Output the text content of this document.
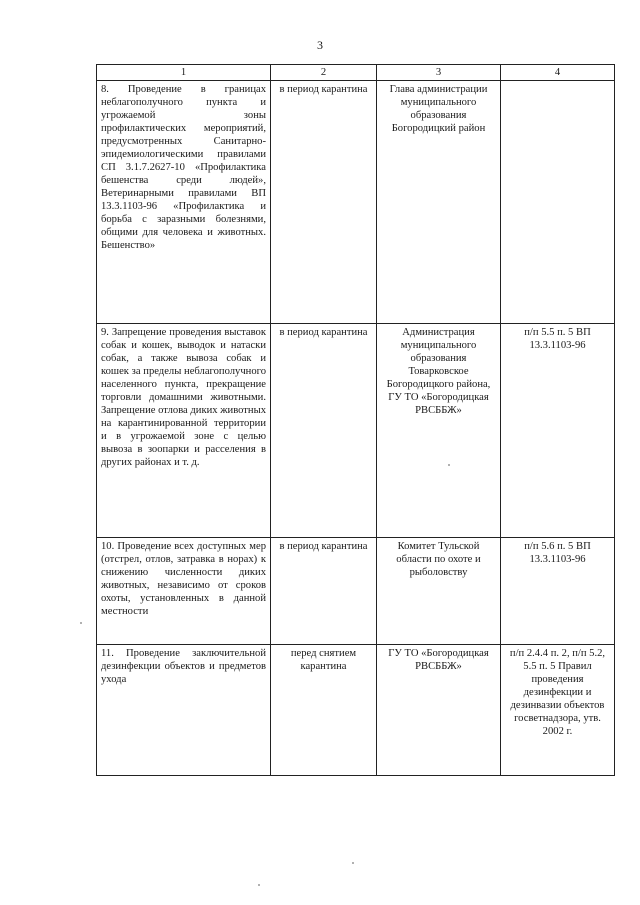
3
1	2	3	4
8. Проведение в границах неблагополучного пункта и угрожаемой зоны профилактических мероприятий, предусмотренных Санитарно-эпидемиологическими правилами СП 3.1.7.2627-10 «Профилактика бешенства среди людей», Ветеринарными правилами ВП 13.3.1103-96 «Профилактика и борьба с заразными болезнями, общими для человека и животных. Бешенство»	в период карантина	Глава администрации муниципального образования Богородицкий район	
9. Запрещение проведения выставок собак и кошек, выводок и натаски собак, а также вывоза собак и кошек за пределы неблагополучного населенного пункта, прекращение торговли домашними животными. Запрещение отлова диких животных на карантинированной территории и в угрожаемой зоне с целью вывоза в зоопарки и расселения в других районах и т. д.	в период карантина	Администрация муниципального образования Товарковское Богородицкого района, ГУ ТО «Богородицкая РВСББЖ»	п/п 5.5 п. 5 ВП 13.3.1103-96
10. Проведение всех доступных мер (отстрел, отлов, затравка в норах) к снижению численности диких животных, независимо от сроков охоты, установленных в данной местности	в период карантина	Комитет Тульской области по охоте и рыболовству	п/п 5.6 п. 5 ВП 13.3.1103-96
11. Проведение заключительной дезинфекции объектов и предметов ухода	перед снятием карантина	ГУ ТО «Богородицкая РВСББЖ»	п/п 2.4.4 п. 2, п/п 5.2, 5.5 п. 5 Правил проведения дезинфекции и дезинвазии объектов госветнадзора, утв. 2002 г.
